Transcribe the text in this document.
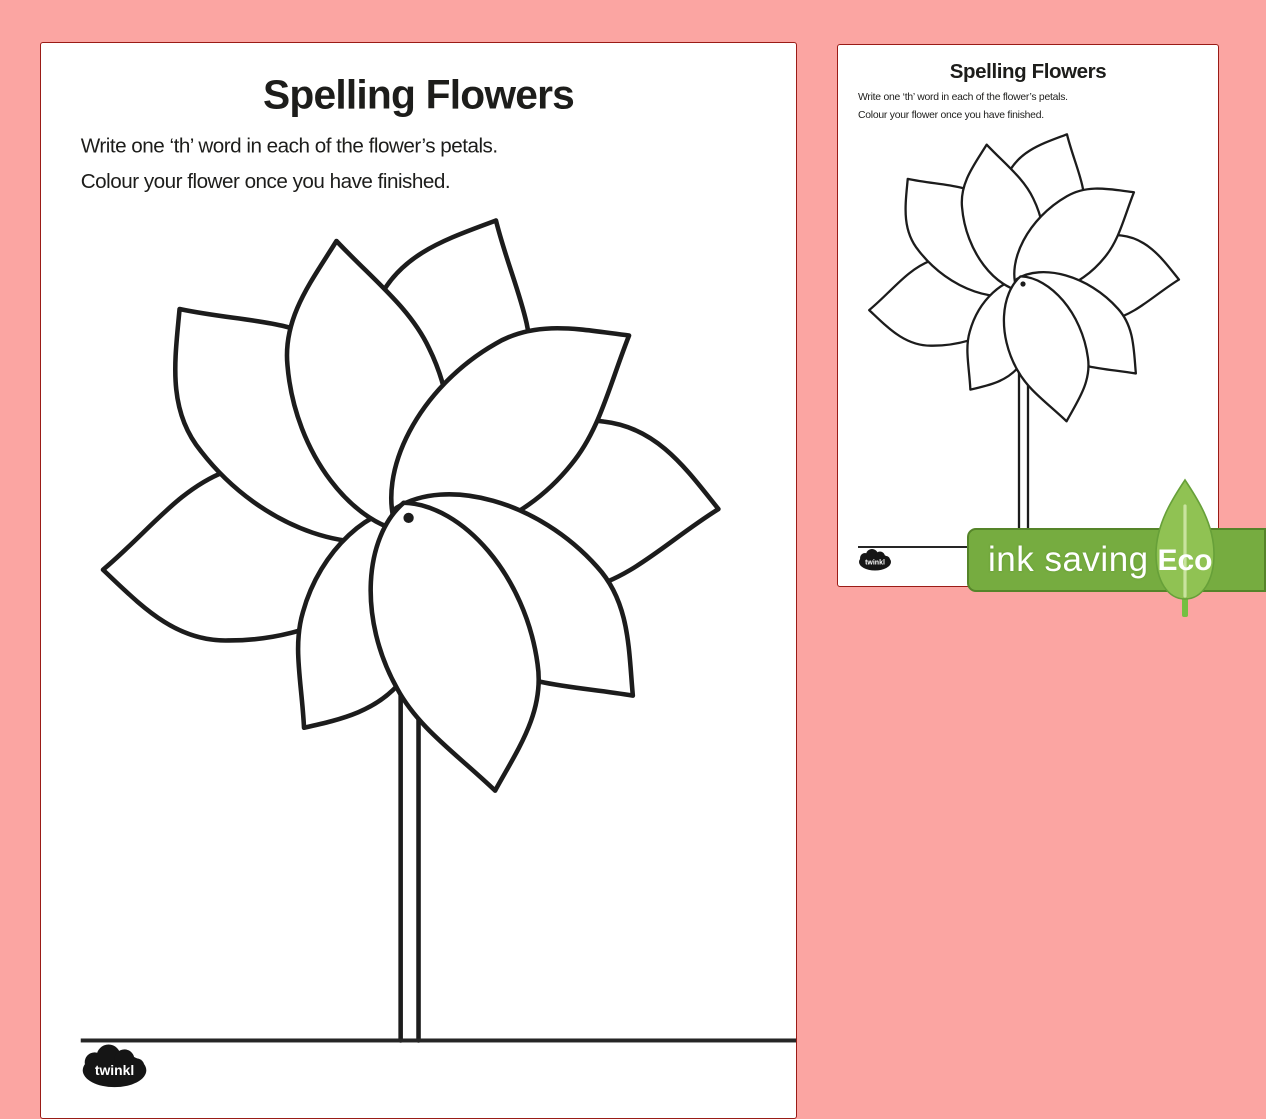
Spelling Flowers

Write one ‘th’ word in each of the flower’s petals.

Colour your flower once you have finished.

twinkl
Spelling Flowers

Write one ‘th’ word in each of the flower’s petals.

Colour your flower once you have finished.

twinkl	ink saving Eco
